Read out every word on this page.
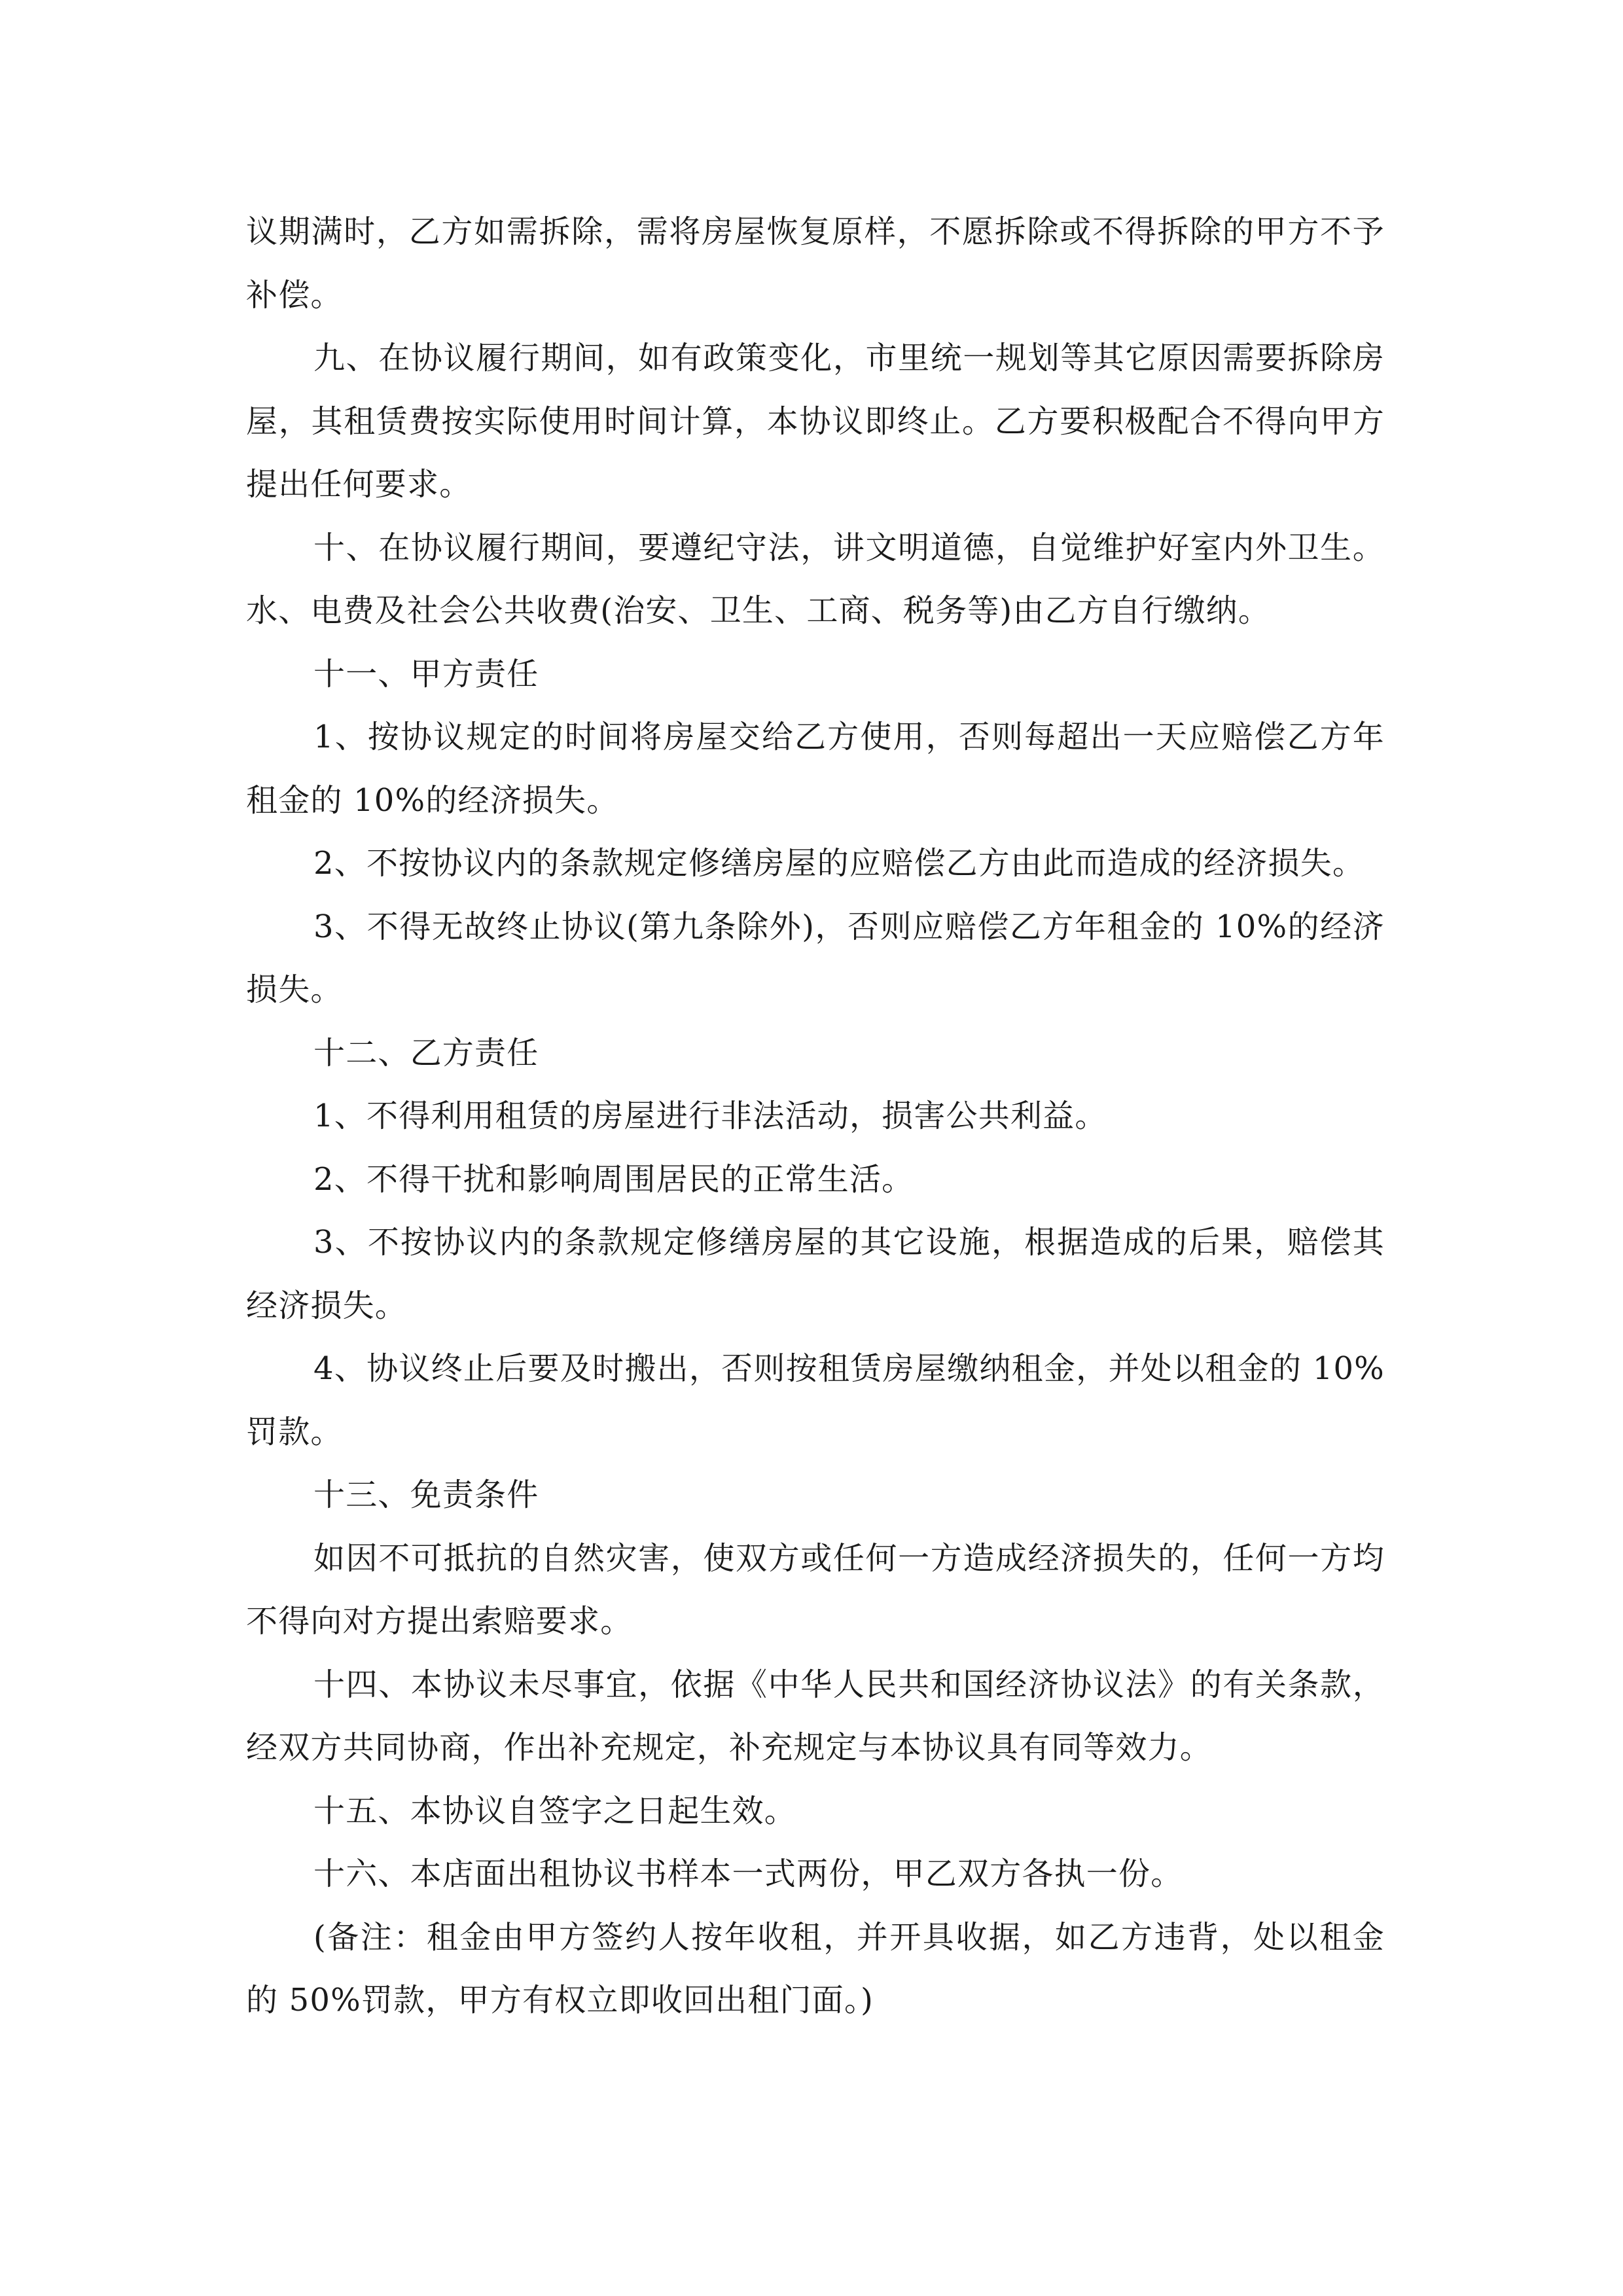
议期满时，乙方如需拆除，需将房屋恢复原样，不愿拆除或不得拆除的甲方不予补偿。

九、在协议履行期间，如有政策变化，市里统一规划等其它原因需要拆除房屋，其租赁费按实际使用时间计算，本协议即终止。乙方要积极配合不得向甲方提出任何要求。

十、在协议履行期间，要遵纪守法，讲文明道德，自觉维护好室内外卫生。水、电费及社会公共收费(治安、卫生、工商、税务等)由乙方自行缴纳。

十一、甲方责任

1、按协议规定的时间将房屋交给乙方使用，否则每超出一天应赔偿乙方年租金的 10%的经济损失。

2、不按协议内的条款规定修缮房屋的应赔偿乙方由此而造成的经济损失。

3、不得无故终止协议(第九条除外)，否则应赔偿乙方年租金的 10%的经济损失。

十二、乙方责任

1、不得利用租赁的房屋进行非法活动，损害公共利益。

2、不得干扰和影响周围居民的正常生活。

3、不按协议内的条款规定修缮房屋的其它设施，根据造成的后果，赔偿其经济损失。

4、协议终止后要及时搬出，否则按租赁房屋缴纳租金，并处以租金的 10%罚款。

十三、免责条件

如因不可抵抗的自然灾害，使双方或任何一方造成经济损失的，任何一方均不得向对方提出索赔要求。

十四、本协议未尽事宜，依据《中华人民共和国经济协议法》的有关条款，经双方共同协商，作出补充规定，补充规定与本协议具有同等效力。

十五、本协议自签字之日起生效。

十六、本店面出租协议书样本一式两份，甲乙双方各执一份。

(备注：租金由甲方签约人按年收租，并开具收据，如乙方违背，处以租金的 50%罚款，甲方有权立即收回出租门面。)
